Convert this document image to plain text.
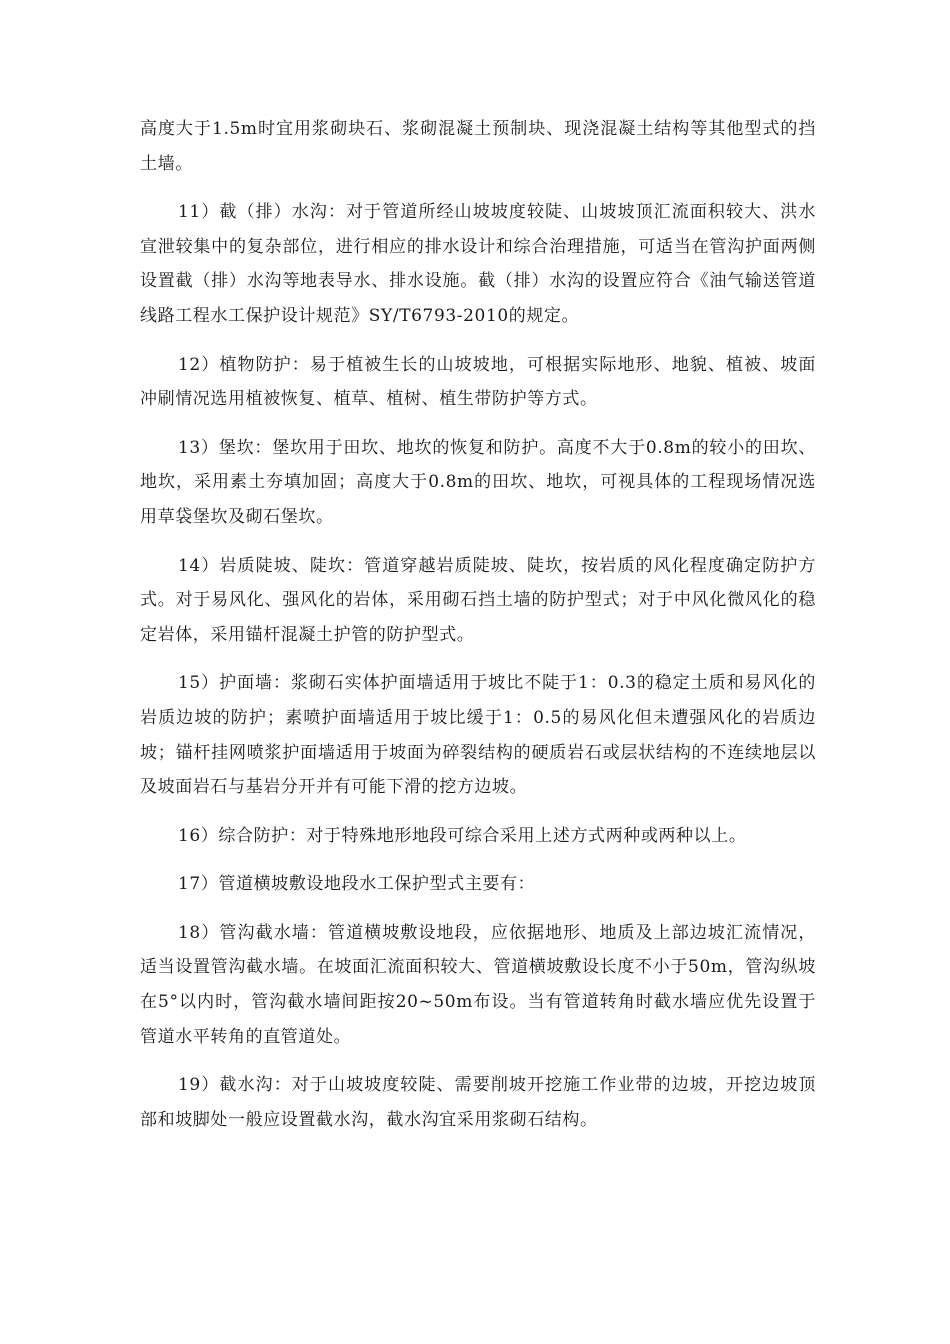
高度大于1.5m时宜用浆砌块石、浆砌混凝土预制块、现浇混凝土结构等其他型式的挡土墙。

11）截（排）水沟：对于管道所经山坡坡度较陡、山坡坡顶汇流面积较大、洪水宣泄较集中的复杂部位，进行相应的排水设计和综合治理措施，可适当在管沟护面两侧设置截（排）水沟等地表导水、排水设施。截（排）水沟的设置应符合《油气输送管道线路工程水工保护设计规范》SY/T6793-2010的规定。

12）植物防护：易于植被生长的山坡坡地，可根据实际地形、地貌、植被、坡面冲刷情况选用植被恢复、植草、植树、植生带防护等方式。

13）堡坎：堡坎用于田坎、地坎的恢复和防护。高度不大于0.8m的较小的田坎、地坎，采用素土夯填加固；高度大于0.8m的田坎、地坎，可视具体的工程现场情况选用草袋堡坎及砌石堡坎。

14）岩质陡坡、陡坎：管道穿越岩质陡坡、陡坎，按岩质的风化程度确定防护方式。对于易风化、强风化的岩体，采用砌石挡土墙的防护型式；对于中风化微风化的稳定岩体，采用锚杆混凝土护管的防护型式。

15）护面墙：浆砌石实体护面墙适用于坡比不陡于1：0.3的稳定土质和易风化的岩质边坡的防护；素喷护面墙适用于坡比缓于1：0.5的易风化但未遭强风化的岩质边坡；锚杆挂网喷浆护面墙适用于坡面为碎裂结构的硬质岩石或层状结构的不连续地层以及坡面岩石与基岩分开并有可能下滑的挖方边坡。

16）综合防护：对于特殊地形地段可综合采用上述方式两种或两种以上。

17）管道横坡敷设地段水工保护型式主要有：

18）管沟截水墙：管道横坡敷设地段，应依据地形、地质及上部边坡汇流情况，适当设置管沟截水墙。在坡面汇流面积较大、管道横坡敷设长度不小于50m，管沟纵坡在5°以内时，管沟截水墙间距按20~50m布设。当有管道转角时截水墙应优先设置于管道水平转角的直管道处。

19）截水沟：对于山坡坡度较陡、需要削坡开挖施工作业带的边坡，开挖边坡顶部和坡脚处一般应设置截水沟，截水沟宜采用浆砌石结构。
